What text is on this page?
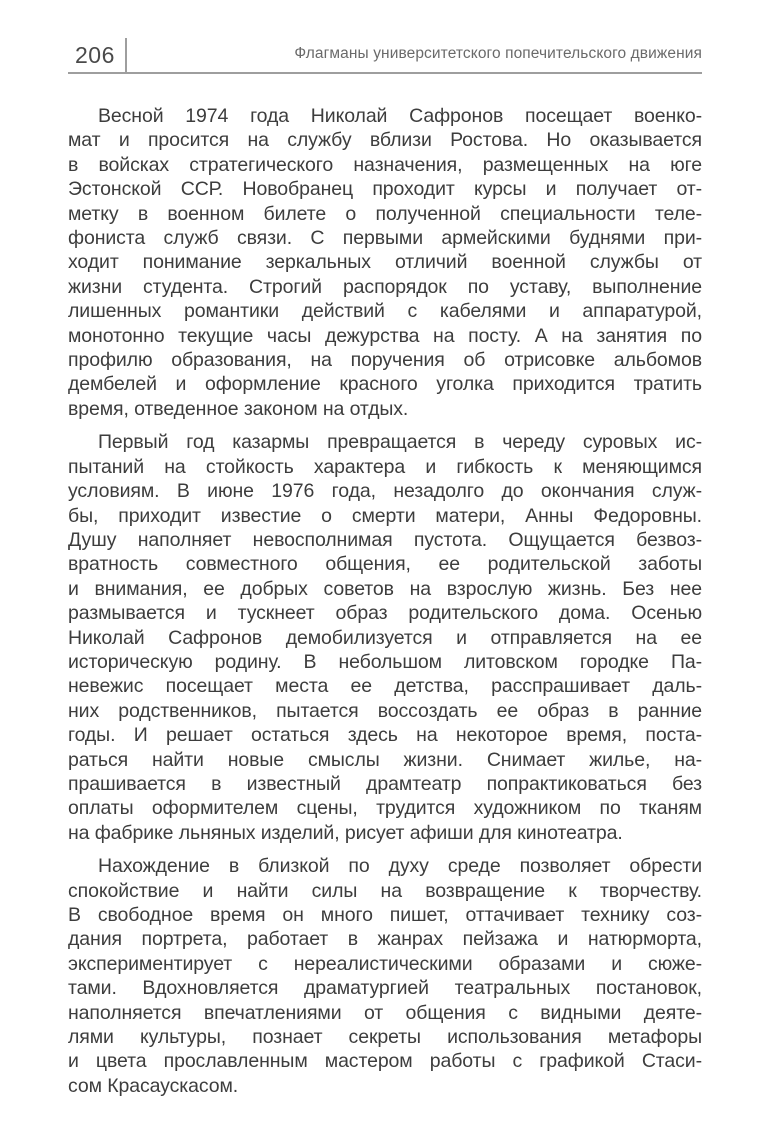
206	Флагманы университетского попечительского движения

Весной 1974 года Николай Сафронов посещает военко-
мат и просится на службу вблизи Ростова. Но оказывается
в войсках стратегического назначения, размещенных на юге
Эстонской ССР. Новобранец проходит курсы и получает от-
метку в военном билете о полученной специальности теле-
фониста служб связи. С первыми армейскими буднями при-
ходит понимание зеркальных отличий военной службы от
жизни студента. Строгий распорядок по уставу, выполнение
лишенных романтики действий с кабелями и аппаратурой,
монотонно текущие часы дежурства на посту. А на занятия по
профилю образования, на поручения об отрисовке альбомов
дембелей и оформление красного уголка приходится тратить
время, отведенное законом на отдых.

Первый год казармы превращается в череду суровых ис-
пытаний на стойкость характера и гибкость к меняющимся
условиям. В июне 1976 года, незадолго до окончания служ-
бы, приходит известие о смерти матери, Анны Федоровны.
Душу наполняет невосполнимая пустота. Ощущается безвоз-
вратность совместного общения, ее родительской заботы
и внимания, ее добрых советов на взрослую жизнь. Без нее
размывается и тускнеет образ родительского дома. Осенью
Николай Сафронов демобилизуется и отправляется на ее
историческую родину. В небольшом литовском городке Па-
невежис посещает места ее детства, расспрашивает даль-
них родственников, пытается воссоздать ее образ в ранние
годы. И решает остаться здесь на некоторое время, поста-
раться найти новые смыслы жизни. Снимает жилье, на-
прашивается в известный драмтеатр попрактиковаться без
оплаты оформителем сцены, трудится художником по тканям
на фабрике льняных изделий, рисует афиши для кинотеатра.

Нахождение в близкой по духу среде позволяет обрести
спокойствие и найти силы на возвращение к творчеству.
В свободное время он много пишет, оттачивает технику соз-
дания портрета, работает в жанрах пейзажа и натюрморта,
экспериментирует с нереалистическими образами и сюже-
тами. Вдохновляется драматургией театральных постановок,
наполняется впечатлениями от общения с видными деяте-
лями культуры, познает секреты использования метафоры
и цвета прославленным мастером работы с графикой Стаси-
сом Красаускасом.
